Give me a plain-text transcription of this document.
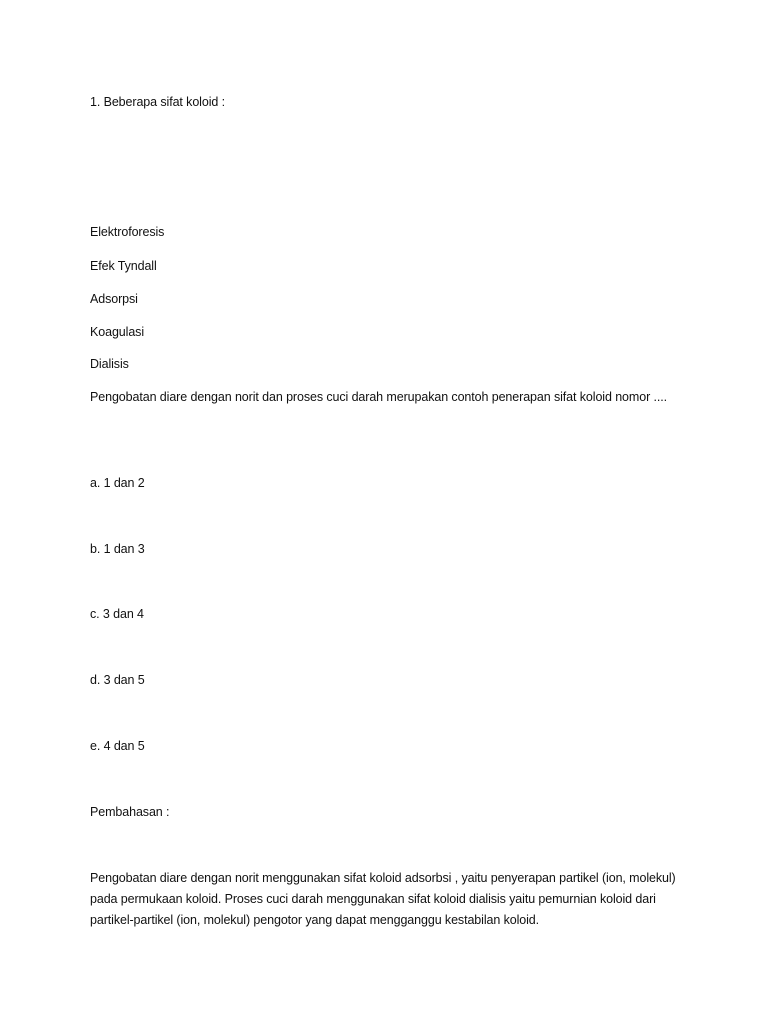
1. Beberapa sifat koloid :
Elektroforesis
Efek Tyndall
Adsorpsi
Koagulasi
Dialisis
Pengobatan diare dengan norit dan proses cuci darah merupakan contoh penerapan sifat koloid nomor ....
a. 1 dan 2
b. 1 dan 3
c. 3 dan 4
d. 3 dan 5
e. 4 dan 5
Pembahasan :
Pengobatan diare dengan norit menggunakan sifat koloid adsorbsi , yaitu penyerapan partikel (ion, molekul) pada permukaan koloid. Proses cuci darah menggunakan sifat koloid dialisis yaitu pemurnian koloid dari partikel-partikel (ion, molekul) pengotor yang dapat mengganggu kestabilan koloid.
